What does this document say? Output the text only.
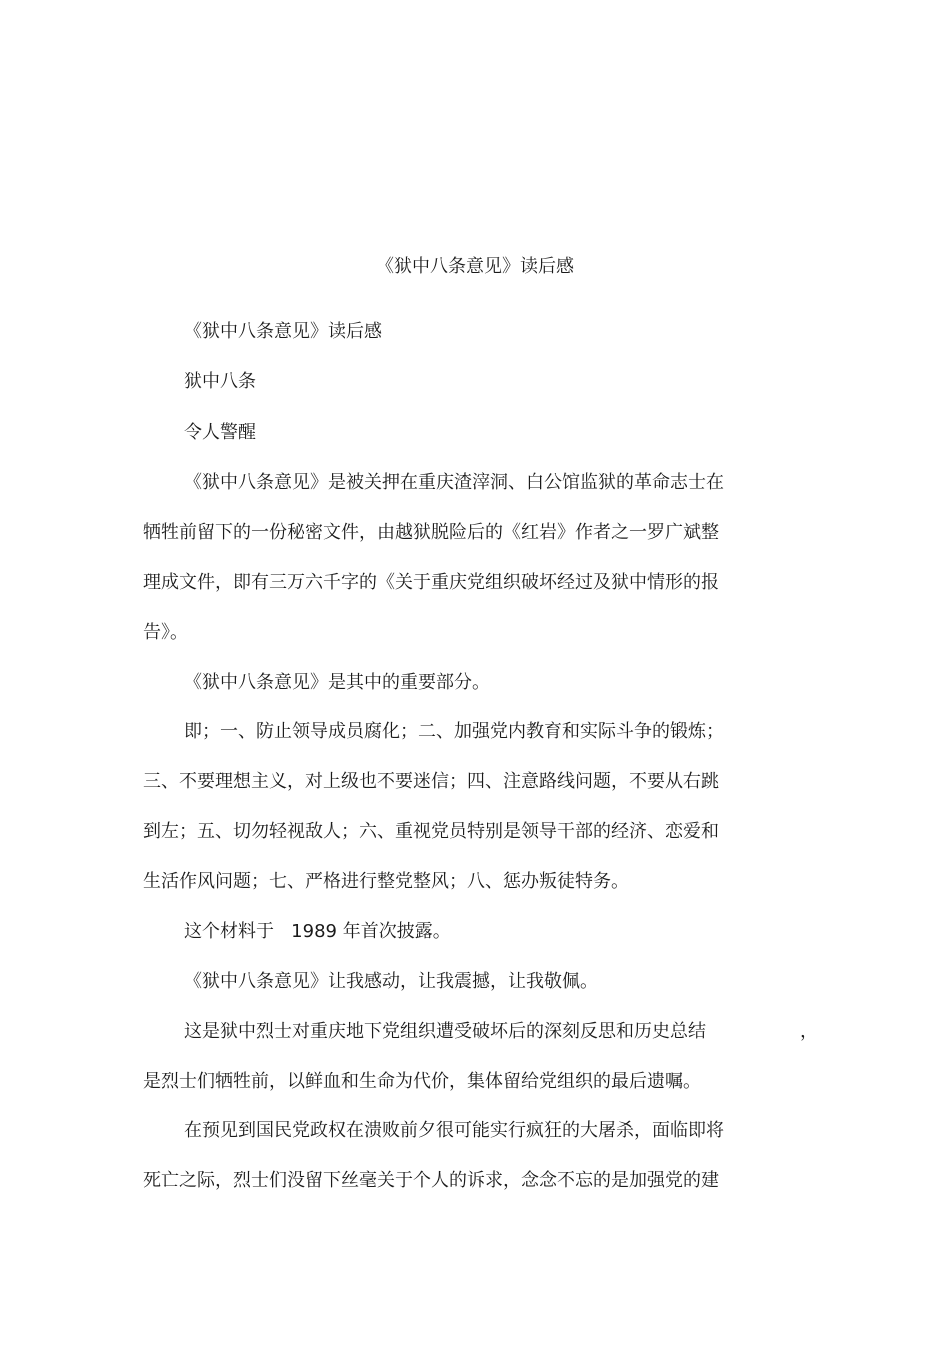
《狱中八条意见》读后感
《狱中八条意见》读后感
狱中八条
令人警醒
《狱中八条意见》是被关押在重庆渣滓洞、白公馆监狱的革命志士在
牺牲前留下的一份秘密文件，由越狱脱险后的《红岩》作者之一罗广斌整
理成文件，即有三万六千字的《关于重庆党组织破坏经过及狱中情形的报
告》。
《狱中八条意见》是其中的重要部分。
即；一、防止领导成员腐化；二、加强党内教育和实际斗争的锻炼；
三、不要理想主义，对上级也不要迷信；四、注意路线问题，不要从右跳
到左；五、切勿轻视敌人；六、重视党员特别是领导干部的经济、恋爱和
生活作风问题；七、严格进行整党整风；八、惩办叛徒特务。
这个材料于   1989 年首次披露。
《狱中八条意见》让我感动，让我震撼，让我敬佩。
这是狱中烈士对重庆地下党组织遭受破坏后的深刻反思和历史总结	，
是烈士们牺牲前，以鲜血和生命为代价，集体留给党组织的最后遗嘱。
在预见到国民党政权在溃败前夕很可能实行疯狂的大屠杀，面临即将
死亡之际，烈士们没留下丝毫关于个人的诉求，念念不忘的是加强党的建
